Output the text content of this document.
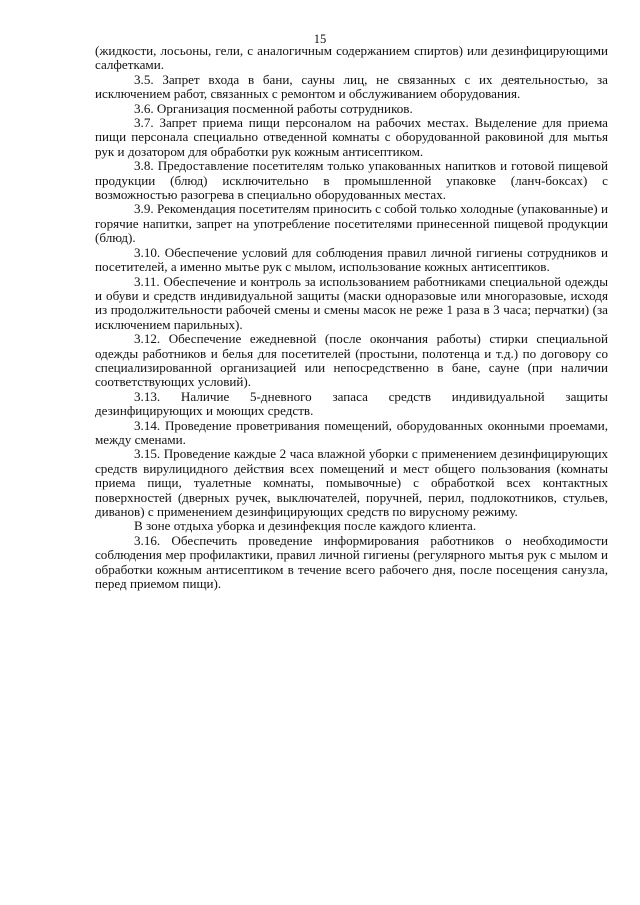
15

(жидкости, лосьоны, гели, с аналогичным содержанием спиртов) или дезинфицирующими салфетками.

3.5. Запрет входа в бани, сауны лиц, не связанных с их деятельностью, за исключением работ, связанных с ремонтом и обслуживанием оборудования.

3.6. Организация посменной работы сотрудников.

3.7. Запрет приема пищи персоналом на рабочих местах. Выделение для приема пищи персонала специально отведенной комнаты с оборудованной раковиной для мытья рук и дозатором для обработки рук кожным антисептиком.

3.8. Предоставление посетителям только упакованных напитков и готовой пищевой продукции (блюд) исключительно в промышленной упаковке (ланч-боксах) с возможностью разогрева в специально оборудованных местах.

3.9. Рекомендация посетителям приносить с собой только холодные (упакованные) и горячие напитки, запрет на употребление посетителями принесенной пищевой продукции (блюд).

3.10. Обеспечение условий для соблюдения правил личной гигиены сотрудников и посетителей, а именно мытье рук с мылом, использование кожных антисептиков.

3.11. Обеспечение и контроль за использованием работниками специальной одежды и обуви и средств индивидуальной защиты (маски одноразовые или многоразовые, исходя из продолжительности рабочей смены и смены масок не реже 1 раза в 3 часа; перчатки) (за исключением парильных).

3.12. Обеспечение ежедневной (после окончания работы) стирки специальной одежды работников и белья для посетителей (простыни, полотенца и т.д.) по договору со специализированной организацией или непосредственно в бане, сауне (при наличии соответствующих условий).

3.13. Наличие 5-дневного запаса средств индивидуальной защиты дезинфицирующих и моющих средств.

3.14. Проведение проветривания помещений, оборудованных оконными проемами, между сменами.

3.15. Проведение каждые 2 часа влажной уборки с применением дезинфицирующих средств вирулицидного действия всех помещений и мест общего пользования (комнаты приема пищи, туалетные комнаты, помывочные) с обработкой всех контактных поверхностей (дверных ручек, выключателей, поручней, перил, подлокотников, стульев, диванов) с применением дезинфицирующих средств по вирусному режиму.

В зоне отдыха уборка и дезинфекция после каждого клиента.

3.16. Обеспечить проведение информирования работников о необходимости соблюдения мер профилактики, правил личной гигиены (регулярного мытья рук с мылом и обработки кожным антисептиком в течение всего рабочего дня, после посещения санузла, перед приемом пищи).
